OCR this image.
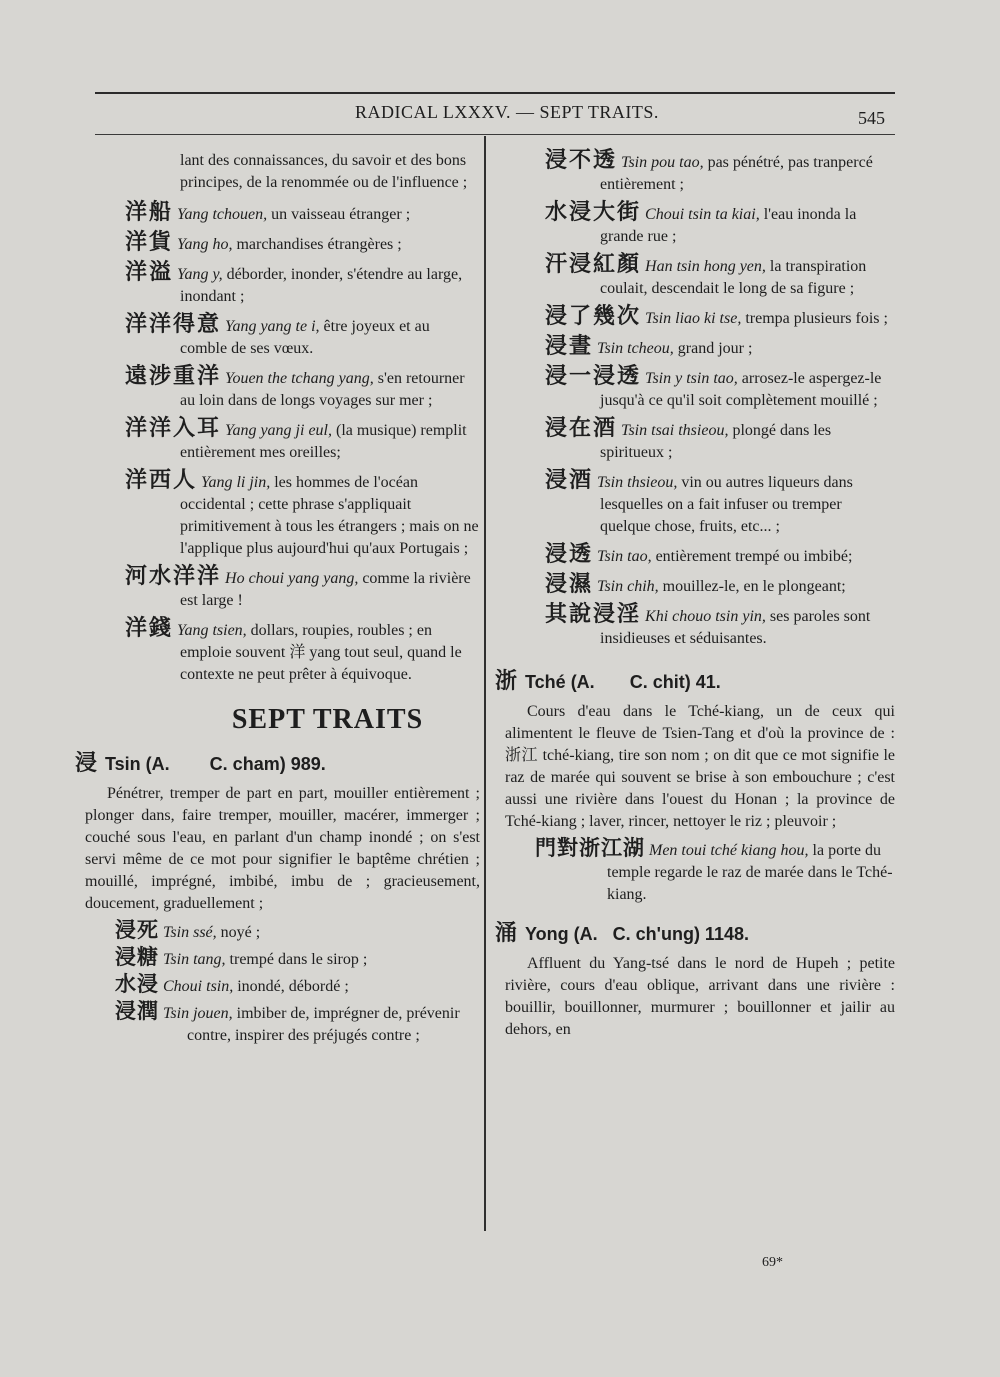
RADICAL LXXXV. — SEPT TRAITS.	545

lant des connaissances, du savoir et des bons principes, de la renommée ou de l'influence ;

洋船 Yang tchouen, un vaisseau étranger ;
洋貨 Yang ho, marchandises étrangères ;
洋溢 Yang y, déborder, inonder, s'étendre au large, inondant ;
洋洋得意 Yang yang te i, être joyeux et au comble de ses vœux.
遠涉重洋 Youen the tchang yang, s'en retourner au loin dans de longs voyages sur mer ;
洋洋入耳 Yang yang ji eul, (la musique) remplit entièrement mes oreilles;
洋西人 Yang li jin, les hommes de l'océan occidental ; cette phrase s'appliquait primitivement à tous les étrangers ; mais on ne l'applique plus aujourd'hui qu'aux Portugais ;
河水洋洋 Ho choui yang yang, comme la rivière est large !
洋錢 Yang tsien, dollars, roupies, roubles ; en emploie souvent 洋 yang tout seul, quand le contexte ne peut prêter à équivoque.
SEPT TRAITS
浸 Tsin (A.        C. cham) 989.

Pénétrer, tremper de part en part, mouiller entièrement ; plonger dans, faire tremper, mouiller, macérer, immerger ; couché sous l'eau, en parlant d'un champ inondé ; on s'est servi même de ce mot pour signifier le baptême chrétien ; mouillé, imprégné, imbibé, imbu de ; gracieusement, doucement, graduellement ;

浸死 Tsin ssé, noyé ;
浸糖 Tsin tang, trempé dans le sirop ;
水浸 Choui tsin, inondé, débordé ;
浸潤 Tsin jouen, imbiber de, imprégner de, prévenir contre, inspirer des préjugés contre ;
浸不透 Tsin pou tao, pas pénétré, pas tranpercé entièrement ;
水浸大街 Choui tsin ta kiai, l'eau inonda la grande rue ;
汗浸紅顏 Han tsin hong yen, la transpiration coulait, descendait le long de sa figure ;
浸了幾次 Tsin liao ki tse, trempa plusieurs fois ;
浸晝 Tsin tcheou, grand jour ;
浸一浸透 Tsin y tsin tao, arrosez-le aspergez-le jusqu'à ce qu'il soit complètement mouillé ;
浸在酒 Tsin tsai thsieou, plongé dans les spiritueux ;
浸酒 Tsin thsieou, vin ou autres liqueurs dans lesquelles on a fait infuser ou tremper quelque chose, fruits, etc... ;
浸透 Tsin tao, entièrement trempé ou imbibé;
浸濕 Tsin chih, mouillez-le, en le plongeant;
其說浸淫 Khi chouo tsin yin, ses paroles sont insidieuses et séduisantes.
浙 Tché (A.       C. chit) 41.

Cours d'eau dans le Tché-kiang, un de ceux qui alimentent le fleuve de Tsien-Tang et d'où la province de : 浙江 tché-kiang, tire son nom ; on dit que ce mot signifie le raz de marée qui souvent se brise à son embouchure ; c'est aussi une rivière dans l'ouest du Honan ; la province de Tché-kiang ; laver, rincer, nettoyer le riz ; pleuvoir ;

門對浙江湖 Men toui tché kiang hou, la porte du temple regarde le raz de marée dans le Tché-kiang.
涌 Yong (A.   C. ch'ung) 1148.

Affluent du Yang-tsé dans le nord de Hupeh ; petite rivière, cours d'eau oblique, arrivant dans une rivière : bouillir, bouillonner, murmurer ; bouillonner et jailir au dehors, en

69*
